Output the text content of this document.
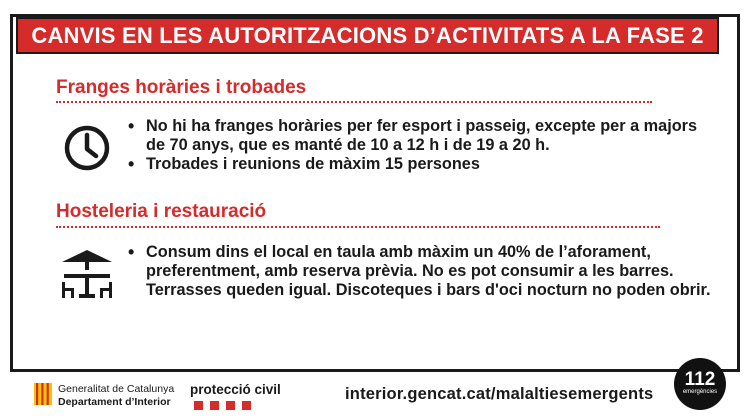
CANVIS EN LES AUTORITZACIONS D’ACTIVITATS A LA FASE 2
Franges horàries i trobades
• No hi ha franges horàries per fer esport i passeig, excepte per a majors de 70 anys, que es manté de 10 a 12 h i de 19 a 20 h.
• Trobades i reunions de màxim 15 persones
Hosteleria i restauració
• Consum dins el local en taula amb màxim un 40% de l’aforament, preferentment, amb reserva prèvia. No es pot consumir a les barres. Terrasses queden igual. Discoteques i bars d'oci nocturn no poden obrir.
Generalitat de Catalunya
Departament d’Interior
protecció civil	interior.gencat.cat/malaltiesemergents
112
emergències
